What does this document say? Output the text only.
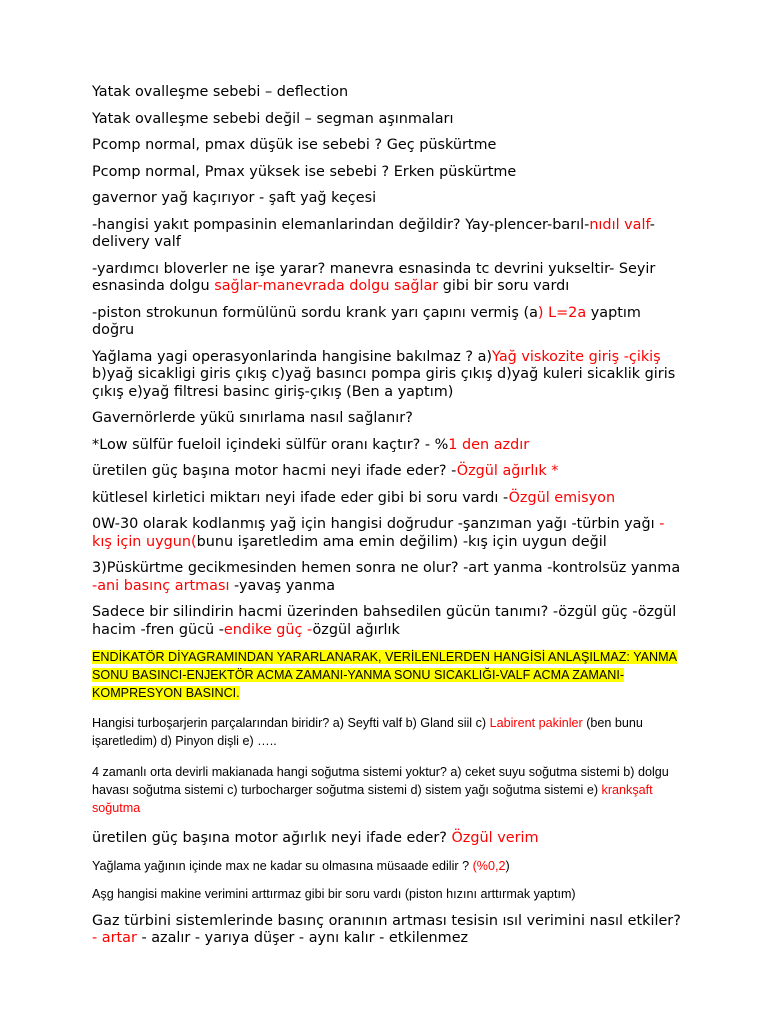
Yatak ovalleşme sebebi – deflection

Yatak ovalleşme sebebi değil – segman aşınmaları

Pcomp normal, pmax düşük ise sebebi ? Geç püskürtme

Pcomp normal, Pmax yüksek ise sebebi ? Erken püskürtme

gavernor yağ kaçırıyor - şaft yağ keçesi

-hangisi yakıt pompasinin elemanlarindan değildir? Yay-plencer-barıl-nıdıl valf-delivery valf

-yardımcı bloverler ne işe yarar? manevra esnasinda tc devrini yukseltir- Seyir esnasinda dolgu sağlar-manevrada dolgu sağlar gibi bir soru vardı

-piston strokunun formülünü sordu krank yarı çapını vermiş (a) L=2a yaptım doğru

Yağlama yagi operasyonlarinda hangisine bakılmaz ? a)Yağ viskozite giriş -çikiş b)yağ sicakligi giris çıkış c)yağ basıncı pompa giris çıkış d)yağ kuleri sicaklik giris çıkış e)yağ filtresi basinc giriş-çıkış (Ben a yaptım)

Gavernörlerde yükü sınırlama nasıl sağlanır?

*Low sülfür fueloil içindeki sülfür oranı kaçtır? - %1 den azdır

üretilen güç başına motor hacmi neyi ifade eder? -Özgül ağırlık *

kütlesel kirletici miktarı neyi ifade eder gibi bi soru vardı -Özgül emisyon

0W-30 olarak kodlanmış yağ için hangisi doğrudur -şanzıman yağı -türbin yağı -kış için uygun(bunu işaretledim ama emin değilim) -kış için uygun değil

3)Püskürtme gecikmesinden hemen sonra ne olur? -art yanma -kontrolsüz yanma -ani basınç artması -yavaş yanma

Sadece bir silindirin hacmi üzerinden bahsedilen gücün tanımı? -özgül güç -özgül hacim -fren gücü -endike güç -özgül ağırlık

ENDİKATÖR DİYAGRAMINDAN YARARLANARAK, VERİLENLERDEN HANGİSİ ANLAŞILMAZ: YANMA SONU BASINCI-ENJEKTÖR ACMA ZAMANI-YANMA SONU SICAKLIĞI-VALF ACMA ZAMANI-KOMPRESYON BASINCI.

Hangisi turboşarjerin parçalarından biridir? a) Seyfti valf b) Gland siil c) Labirent pakinler (ben bunu işaretledim) d) Pinyon dişli e) …..

4 zamanlı orta devirli makianada hangi soğutma sistemi yoktur? a) ceket suyu soğutma sistemi b) dolgu havası soğutma sistemi c) turbocharger soğutma sistemi d) sistem yağı soğutma sistemi e) krankşaft soğutma

üretilen güç başına motor ağırlık neyi ifade eder? Özgül verim

Yağlama yağının içinde max ne kadar su olmasına müsaade edilir ? (%0,2)

Aşg hangisi makine verimini arttırmaz gibi bir soru vardı (piston hızını arttırmak yaptım)

Gaz türbini sistemlerinde basınç oranının artması tesisin ısıl verimini nasıl etkiler? - artar - azalır - yarıya düşer - aynı kalır - etkilenmez
